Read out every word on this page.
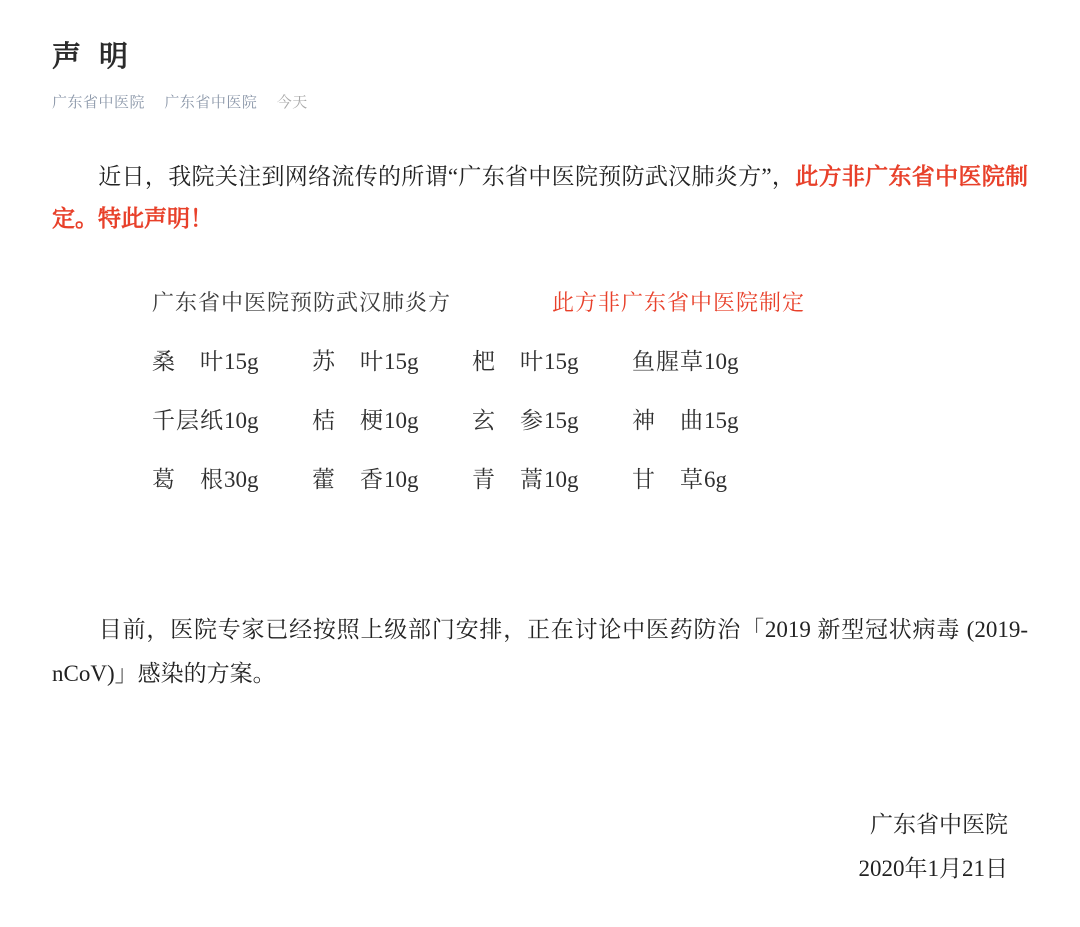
声 明
广东省中医院 广东省中医院 今天

近日，我院关注到网络流传的所谓“广东省中医院预防武汉肺炎方”，此方非广东省中医院制定。特此声明！

广东省中医院预防武汉肺炎方	此方非广东省中医院制定
桑　叶15g	苏　叶15g	杷　叶15g	鱼腥草10g
千层纸10g	桔　梗10g	玄　参15g	神　曲15g
葛　根30g	藿　香10g	青　蒿10g	甘　草6g

目前，医院专家已经按照上级部门安排，正在讨论中医药防治「2019 新型冠状病毒 (2019-nCoV)」感染的方案。

广东省中医院
2020年1月21日
